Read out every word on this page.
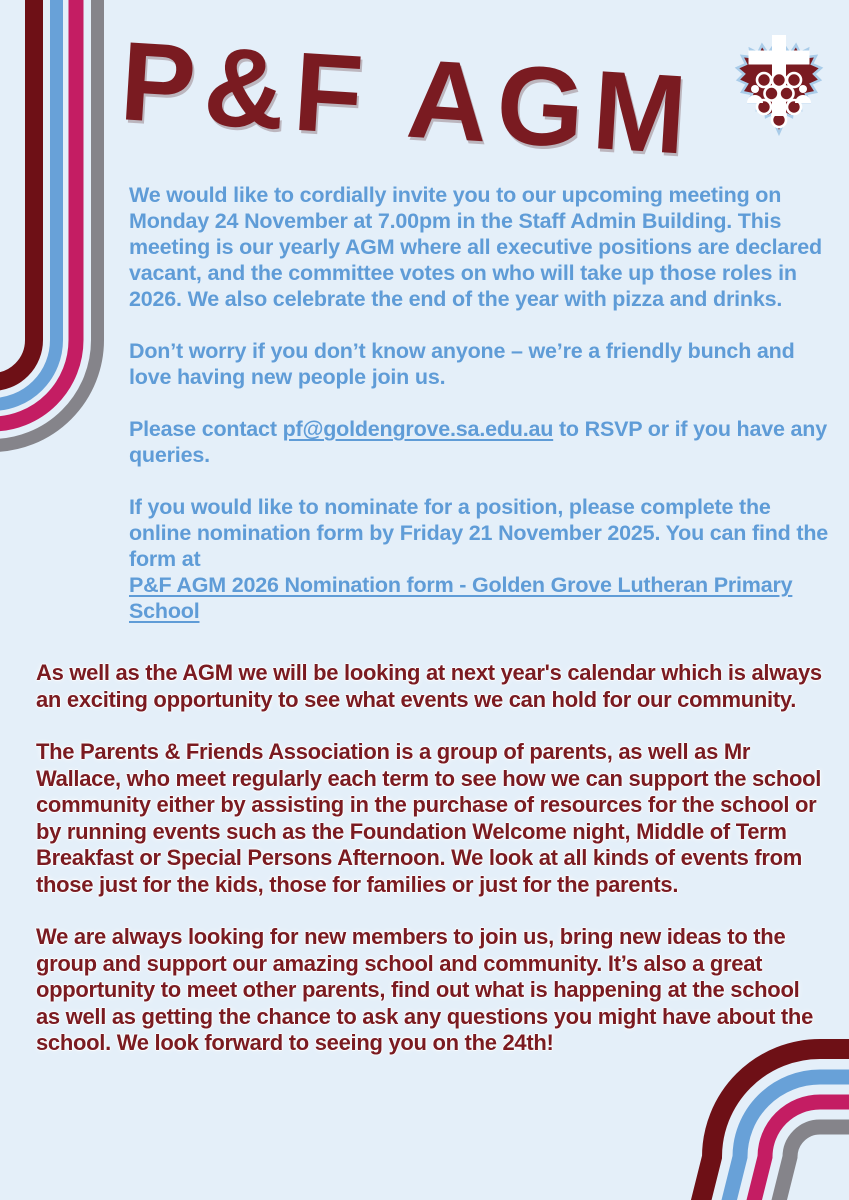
P&F AGM

We would like to cordially invite you to our upcoming meeting on Monday 24 November at 7.00pm in the Staff Admin Building. This meeting is our yearly AGM where all executive positions are declared vacant, and the committee votes on who will take up those roles in 2026. We also celebrate the end of the year with pizza and drinks.

Don’t worry if you don’t know anyone – we’re a friendly bunch and love having new people join us.

Please contact pf@goldengrove.sa.edu.au to RSVP or if you have any queries.

If you would like to nominate for a position, please complete the online nomination form by Friday 21 November 2025. You can find the form at
P&F AGM 2026 Nomination form - Golden Grove Lutheran Primary School

As well as the AGM we will be looking at next year's calendar which is always an exciting opportunity to see what events we can hold for our community.

The Parents & Friends Association is a group of parents, as well as Mr Wallace, who meet regularly each term to see how we can support the school community either by assisting in the purchase of resources for the school or by running events such as the Foundation Welcome night, Middle of Term Breakfast or Special Persons Afternoon. We look at all kinds of events from those just for the kids, those for families or just for the parents.

We are always looking for new members to join us, bring new ideas to the group and support our amazing school and community. It’s also a great opportunity to meet other parents, find out what is happening at the school as well as getting the chance to ask any questions you might have about the school. We look forward to seeing you on the 24th!
